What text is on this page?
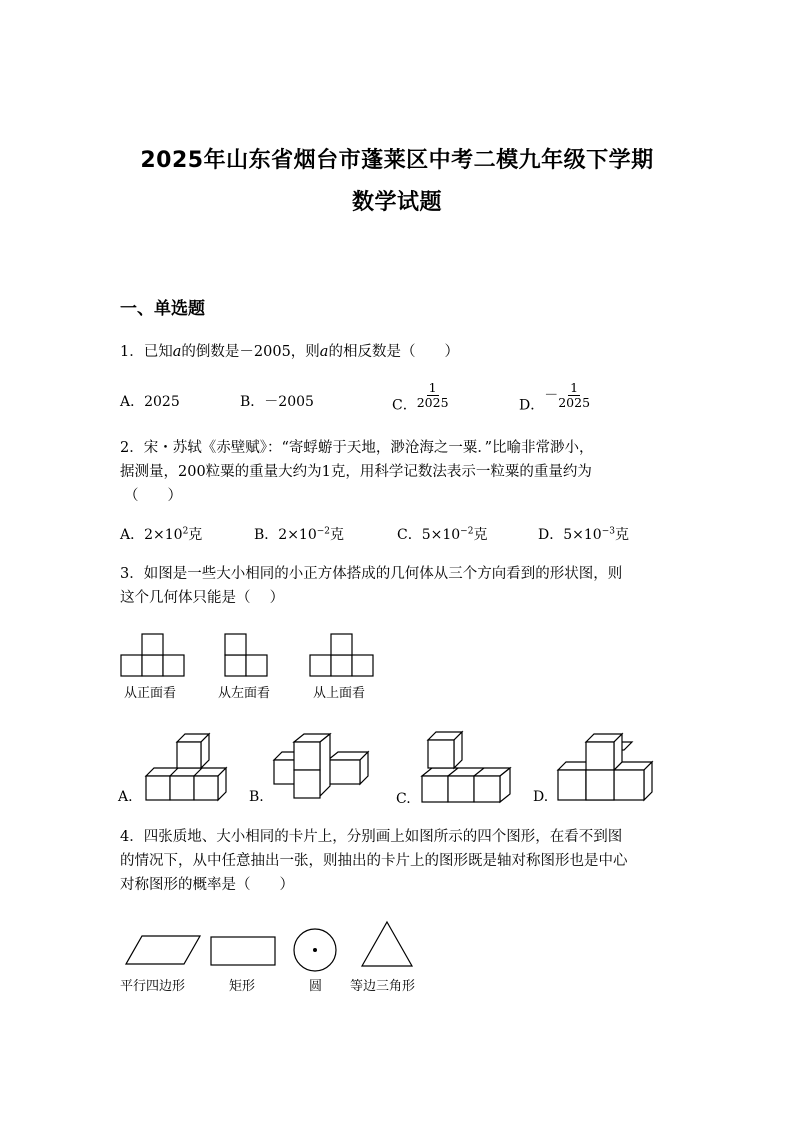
2025年山东省烟台市蓬莱区中考二模九年级下学期
数学试题
一、单选题
1．已知a的倒数是－2005，则a的相反数是（　　）
A．2025	B．－2005	C． $\frac{1}{2025}$	D．－ $\frac{1}{2025}$
2．宋・苏轼《赤壁赋》：“寄蜉蝣于天地，渺沧海之一粟．”比喻非常渺小，
据测量，200粒粟的重量大约为1克，用科学记数法表示一粒粟的重量约为
（　　）
A．$2\times 10^2$克	B．$2\times 10^{-2}$克	C．$5\times 10^{-2}$克	D．$5\times 10^{-3}$克
3．如图是一些大小相同的小正方体搭成的几何体从三个方向看到的形状图，则
这个几何体只能是（　 ）
从正面看	从左面看	从上面看
A.	B.	C.	D.
4．四张质地、大小相同的卡片上，分别画上如图所示的四个图形，在看不到图
的情况下，从中任意抽出一张，则抽出的卡片上的图形既是轴对称图形也是中心
对称图形的概率是（　　）
平行四边形	矩形	圆 等边三角形
